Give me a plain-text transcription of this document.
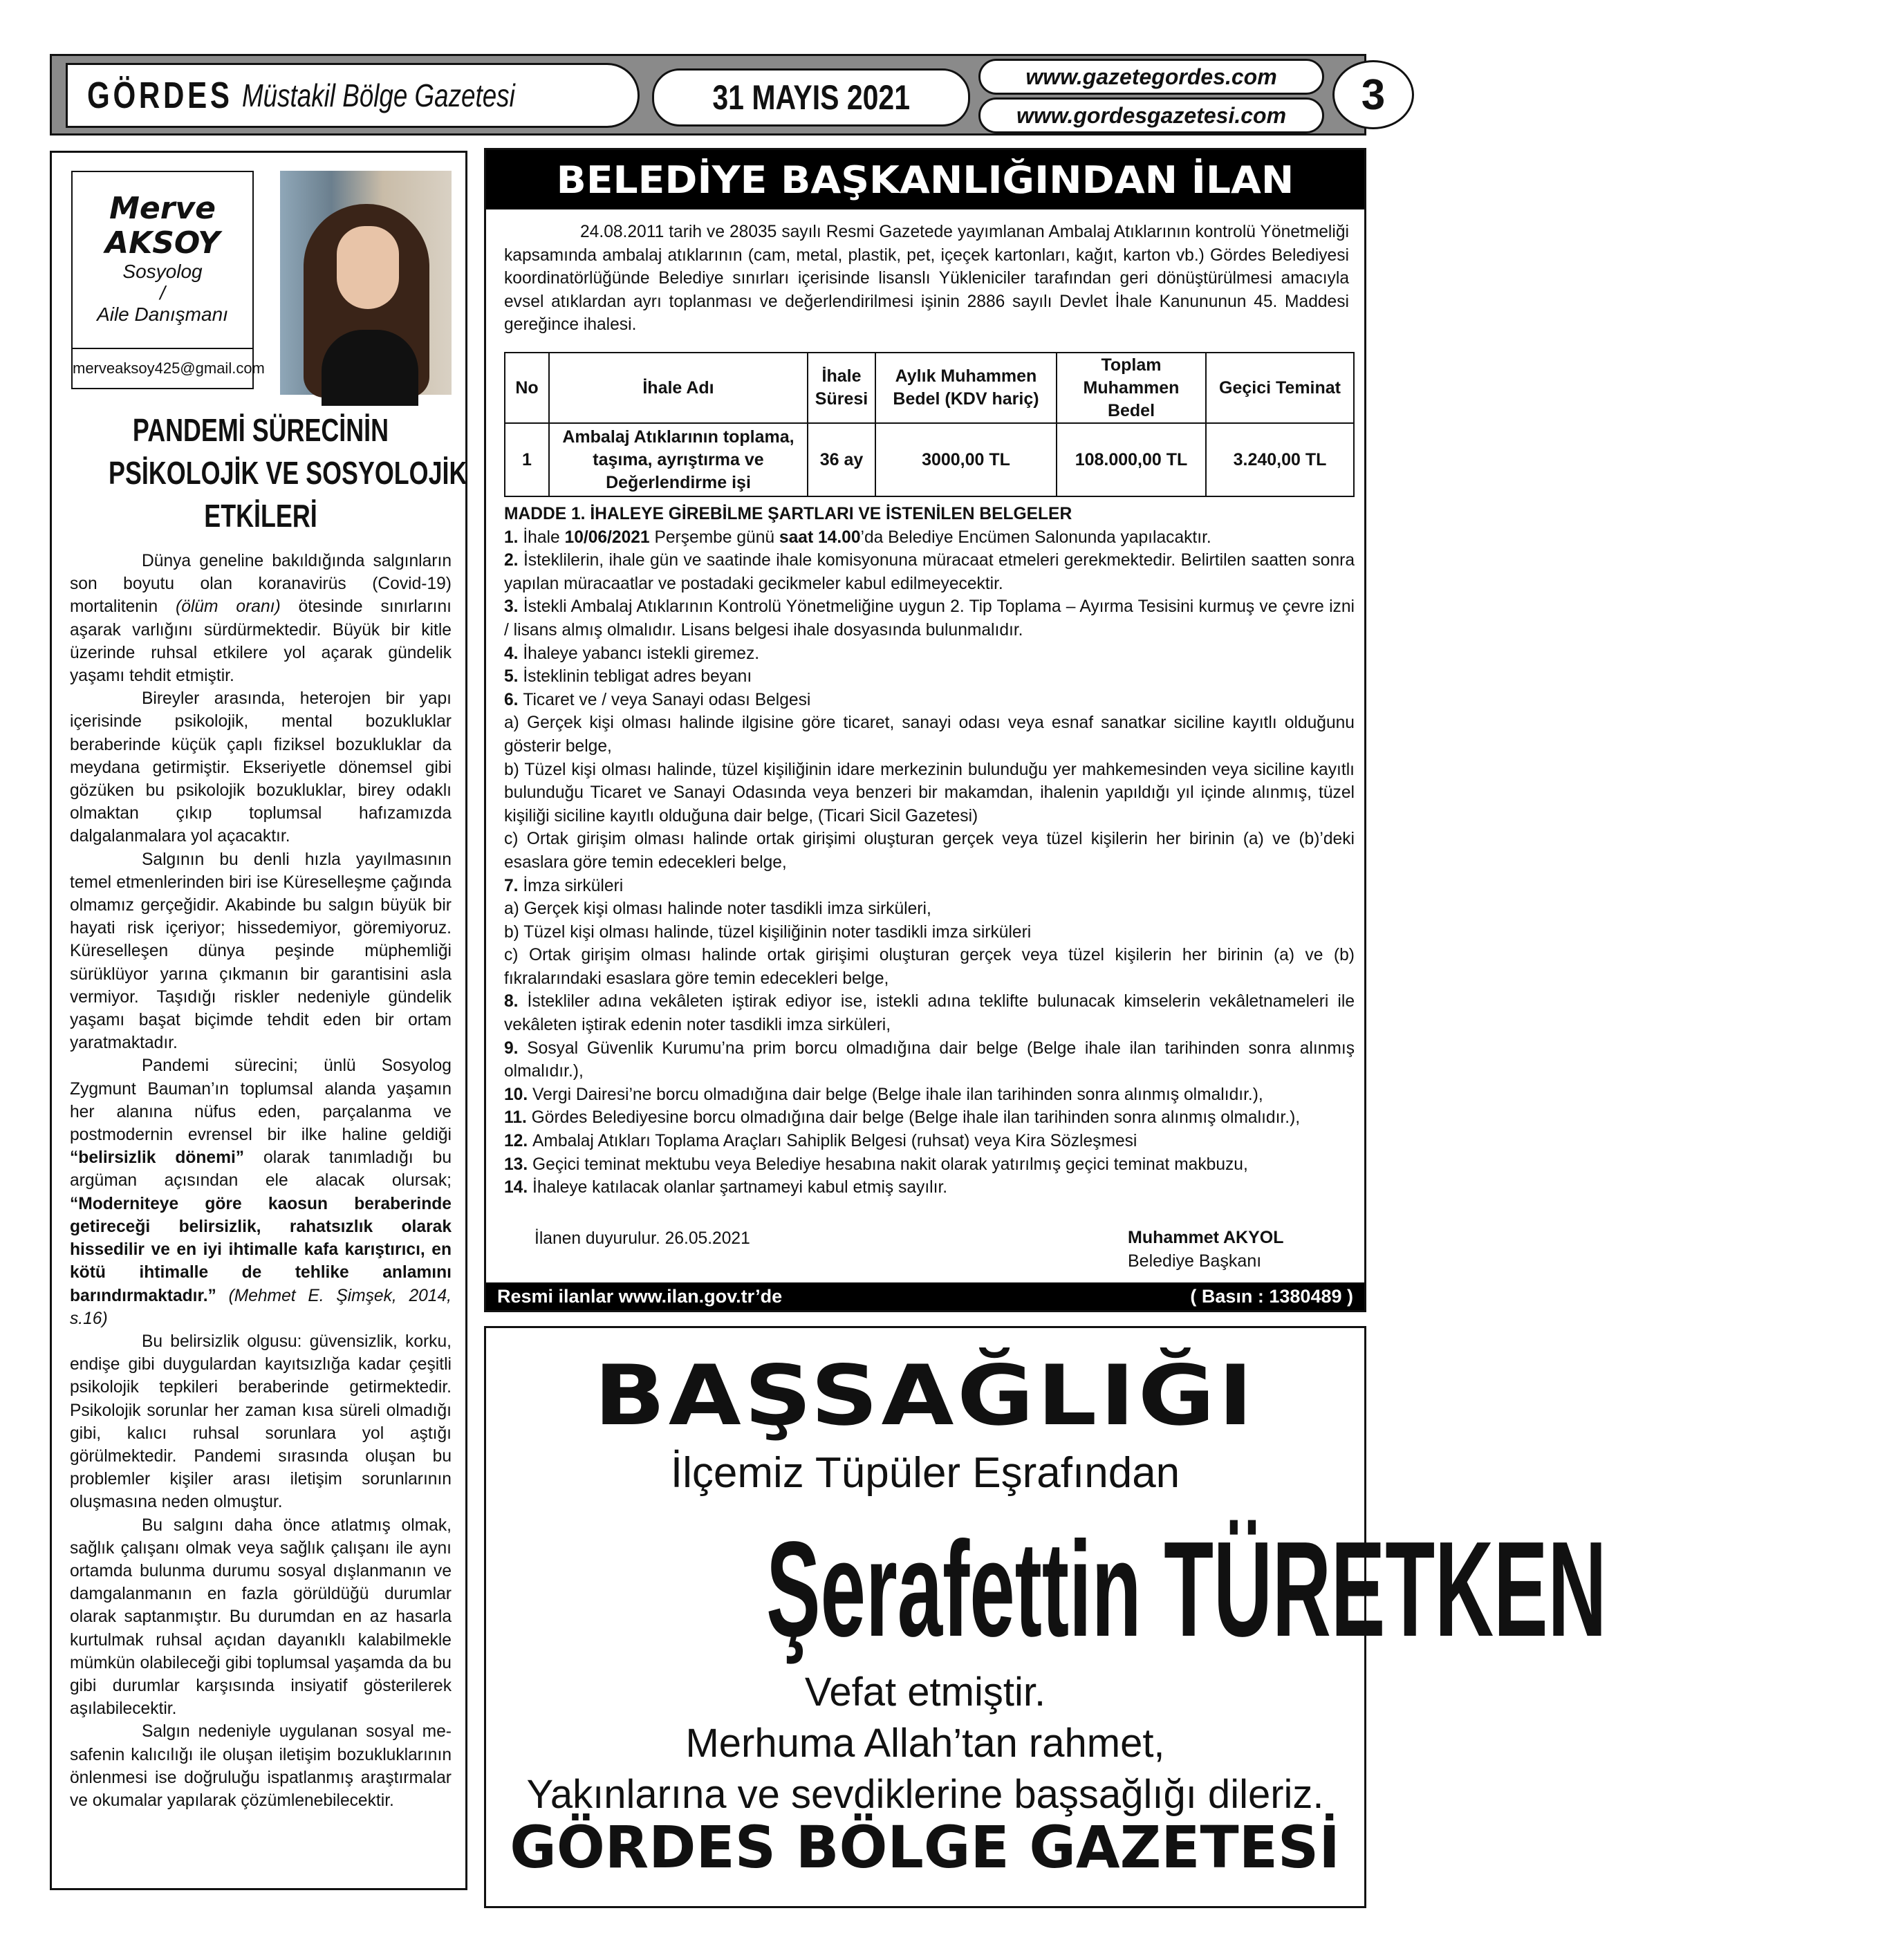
GÖRDES Müstakil Bölge Gazetesi	31 MAYIS 2021
www.gazetegordes.com
www.gordesgazetesi.com	3
Merve
AKSOY
Sosyolog
/
Aile Danışmanı
merveaksoy425@gmail.com
PANDEMİ SÜRECİNİN
PSİKOLOJİK VE SOSYOLOJİK
ETKİLERİ

Dünya geneline bakıldığında salgınların son boyutu olan koranavirüs (Covid-19) mortalitenin (ölüm oranı) ötesinde sınırlarını aşarak varlığını sürdürmektedir. Büyük bir kitle üzerinde ruhsal etkilere yol açarak gündelik yaşamı tehdit etmiştir.

Bireyler arasında, heterojen bir yapı içerisinde psikolojik, mental bozukluklar beraberinde küçük çaplı fiziksel bozukluklar da meydana getirmiştir. Ekseriyetle dönemsel gibi gözüken bu psikolojik bozukluklar, birey odaklı olmaktan çıkıp toplumsal hafızamızda dalgalanmalara yol açacaktır.

Salgının bu denli hızla yayılmasının temel etmenlerinden biri ise Küreselleşme çağında olmamız gerçeğidir. Akabinde bu salgın büyük bir hayati risk içeriyor; hissedemiyor, göremiyoruz. Küreselleşen dünya peşinde müphemliği sürüklüyor yarına çıkmanın bir garantisini asla vermiyor. Taşıdığı riskler nedeniyle gündelik yaşamı başat biçimde tehdit eden bir ortam yaratmaktadır.

Pandemi sürecini; ünlü Sosyolog Zygmunt Bauman’ın toplumsal alanda yaşamın her alanına nüfus eden, parçalanma ve postmodernin evrensel bir ilke haline geldiği “belirsizlik dönemi” olarak tanımladığı bu argüman açısından ele alacak olursak; “Moderniteye göre kaosun beraberinde getireceği belirsizlik, rahatsızlık olarak hissedilir ve en iyi ihtimalle kafa karıştırıcı, en kötü ihtimalle de tehlike anlamını barındırmaktadır.” (Mehmet E. Şimşek, 2014, s.16)

Bu belirsizlik olgusu: güvensizlik, korku, endişe gibi duygulardan kayıtsızlığa kadar çeşitli psikolojik tepkileri beraberinde getirmektedir. Psikolojik sorunlar her zaman kısa süreli olmadığı gibi, kalıcı ruhsal sorunlara yol aştığı görülmektedir. Pandemi sırasında oluşan bu problemler kişiler arası iletişim sorunlarının oluşmasına neden olmuştur.

Bu salgını daha önce atlatmış olmak, sağlık çalışanı olmak veya sağlık çalışanı ile aynı ortamda bulunma durumu sosyal dışlanmanın ve damgalanmanın en fazla görüldüğü durumlar olarak saptanmıştır. Bu durumdan en az hasarla kurtulmak ruhsal açıdan dayanıklı kalabilmekle mümkün olabileceği gibi toplumsal yaşamda da bu gibi durumlar karşısında insiyatif gösterilerek aşılabilecektir.

Salgın nedeniyle uygulanan sosyal me-safenin kalıcılığı ile oluşan iletişim bozukluklarının önlenmesi ise doğruluğu ispatlanmış araştırmalar ve okumalar yapılarak çözümlenebilecektir.

BELEDİYE BAŞKANLIĞINDAN İLAN

24.08.2011 tarih ve 28035 sayılı Resmi Gazetede yayımlanan Ambalaj Atıklarının kontrolü Yönetmeliği kapsamında ambalaj atıklarının (cam, metal, plastik, pet, içeçek kartonları, kağıt, karton vb.) Gördes Belediyesi koordinatörlüğünde Belediye sınırları içerisinde lisanslı Yükleniciler tarafından geri dönüştürülmesi amacıyla evsel atıklardan ayrı toplanması ve değerlendirilmesi işinin 2886 sayılı Devlet İhale Kanununun 45. Maddesi gereğince ihalesi.

No	İhale Adı	İhale Süresi	Aylık Muhammen Bedel (KDV hariç)	Toplam Muhammen Bedel	Geçici Teminat
1	Ambalaj Atıklarının toplama, taşıma, ayrıştırma ve Değerlendirme işi	36 ay	3000,00 TL	108.000,00 TL	3.240,00 TL

MADDE 1. İHALEYE GİREBİLME ŞARTLARI VE İSTENİLEN BELGELER

1. İhale 10/06/2021 Perşembe günü saat 14.00’da Belediye Encümen Salonunda yapılacaktır.

2. İsteklilerin, ihale gün ve saatinde ihale komisyonuna müracaat etmeleri gerekmektedir. Belirtilen saatten sonra yapılan müracaatlar ve postadaki gecikmeler kabul edilmeyecektir.

3. İstekli Ambalaj Atıklarının Kontrolü Yönetmeliğine uygun 2. Tip Toplama – Ayırma Tesisini kurmuş ve çevre izni / lisans almış olmalıdır. Lisans belgesi ihale dosyasında bulunmalıdır.

4. İhaleye yabancı istekli giremez.

5. İsteklinin tebligat adres beyanı

6. Ticaret ve / veya Sanayi odası Belgesi

a) Gerçek kişi olması halinde ilgisine göre ticaret, sanayi odası veya esnaf sanatkar siciline kayıtlı olduğunu gösterir belge,

b) Tüzel kişi olması halinde, tüzel kişiliğinin idare merkezinin bulunduğu yer mahkemesinden veya siciline kayıtlı bulunduğu Ticaret ve Sanayi Odasında veya benzeri bir makamdan, ihalenin yapıldığı yıl içinde alınmış, tüzel kişiliği siciline kayıtlı olduğuna dair belge, (Ticari Sicil Gazetesi)

c) Ortak girişim olması halinde ortak girişimi oluşturan gerçek veya tüzel kişilerin her birinin (a) ve (b)’deki esaslara göre temin edecekleri belge,

7. İmza sirküleri

a) Gerçek kişi olması halinde noter tasdikli imza sirküleri,

b) Tüzel kişi olması halinde, tüzel kişiliğinin noter tasdikli imza sirküleri

c) Ortak girişim olması halinde ortak girişimi oluşturan gerçek veya tüzel kişilerin her birinin (a) ve (b) fıkralarındaki esaslara göre temin edecekleri belge,

8. İstekliler adına vekâleten iştirak ediyor ise, istekli adına teklifte bulunacak kimselerin vekâletnameleri ile vekâleten iştirak edenin noter tasdikli imza sirküleri,

9. Sosyal Güvenlik Kurumu’na prim borcu olmadığına dair belge (Belge ihale ilan tarihinden sonra alınmış olmalıdır.),

10. Vergi Dairesi’ne borcu olmadığına dair belge (Belge ihale ilan tarihinden sonra alınmış olmalıdır.),

11. Gördes Belediyesine borcu olmadığına dair belge (Belge ihale ilan tarihinden sonra alınmış olmalıdır.),

12. Ambalaj Atıkları Toplama Araçları Sahiplik Belgesi (ruhsat) veya Kira Sözleşmesi

13. Geçici teminat mektubu veya Belediye hesabına nakit olarak yatırılmış geçici teminat makbuzu,

14. İhaleye katılacak olanlar şartnameyi kabul etmiş sayılır.

İlanen duyurulur. 26.05.2021	Muhammet AKYOL
Belediye Başkanı
Resmi ilanlar www.ilan.gov.tr’de	( Basın : 1380489 )
BAŞSAĞLIĞI
İlçemiz Tüpüler Eşrafından
Şerafettin TÜRETKEN
Vefat etmiştir.
Merhuma Allah’tan rahmet,
Yakınlarına ve sevdiklerine başsağlığı dileriz.
GÖRDES BÖLGE GAZETESİ
